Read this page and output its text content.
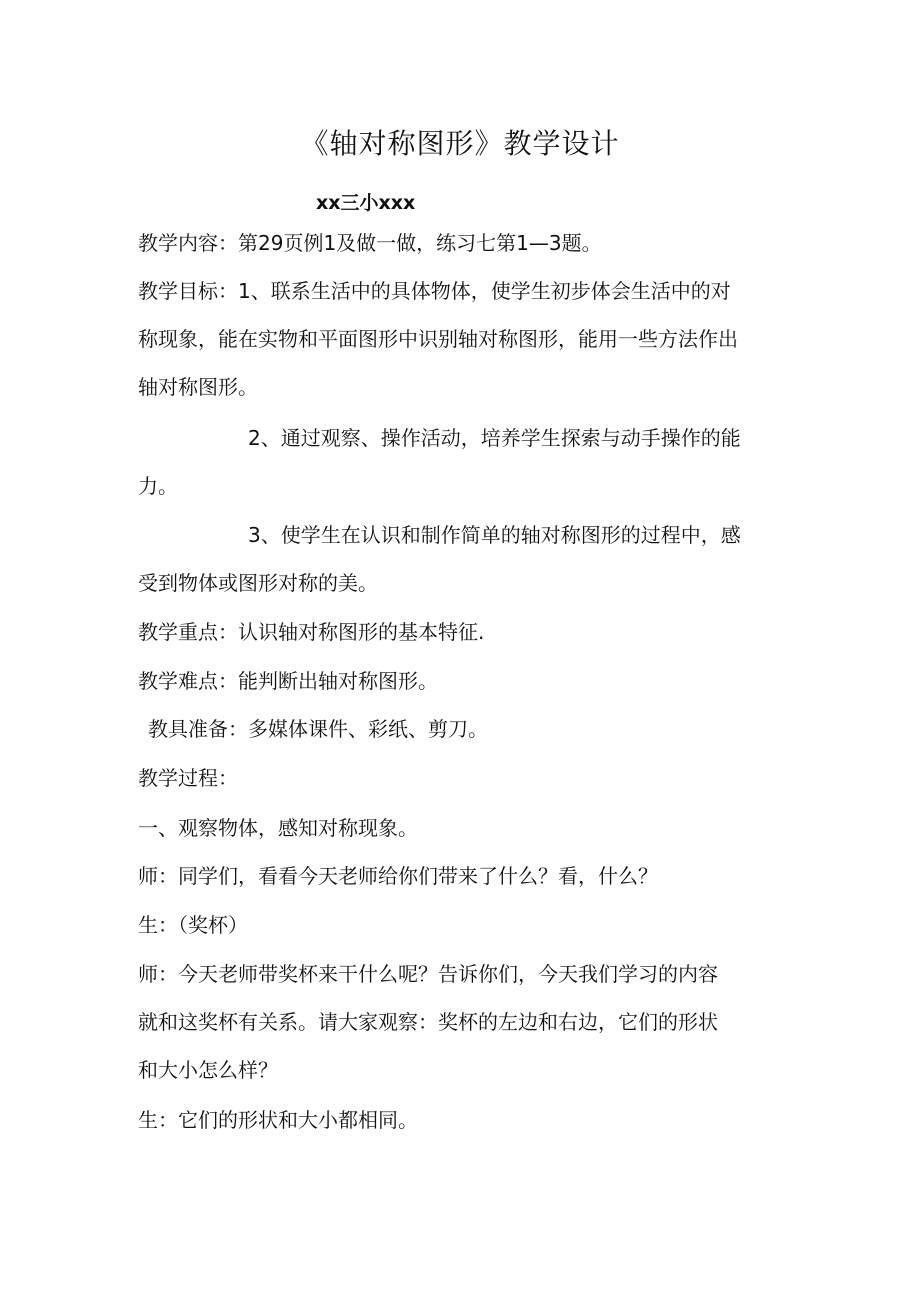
《轴对称图形》教学设计
xx三小xxx
教学内容：第29页例1及做一做，练习七第1—3题。
教学目标：1、联系生活中的具体物体，使学生初步体会生活中的对
称现象，能在实物和平面图形中识别轴对称图形，能用一些方法作出
轴对称图形。
2、通过观察、操作活动，培养学生探索与动手操作的能
力。
3、使学生在认识和制作简单的轴对称图形的过程中，感
受到物体或图形对称的美。
教学重点：认识轴对称图形的基本特征.
教学难点：能判断出轴对称图形。
教具准备：多媒体课件、彩纸、剪刀。
教学过程：
一、观察物体，感知对称现象。
师：同学们，看看今天老师给你们带来了什么？看，什么？
生：（奖杯）
师：今天老师带奖杯来干什么呢？告诉你们，今天我们学习的内容
就和这奖杯有关系。请大家观察：奖杯的左边和右边，它们的形状
和大小怎么样？
生：它们的形状和大小都相同。
